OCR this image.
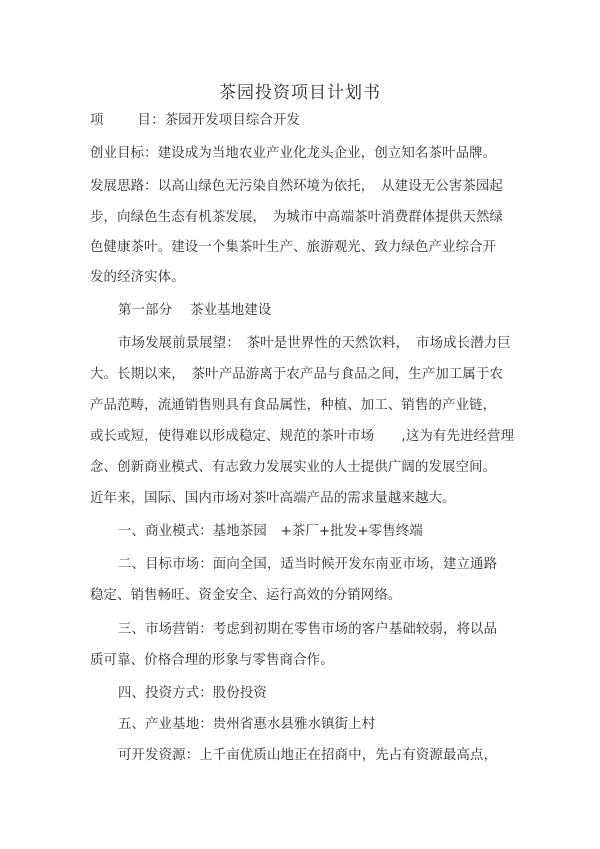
茶园投资项目计划书
项	目：茶园开发项目综合开发
创业目标：建设成为当地农业产业化龙头企业，创立知名茶叶品牌。
发展思路：以高山绿色无污染自然环境为依托，　从建设无公害茶园起
步，向绿色生态有机茶发展，　为城市中高端茶叶消费群体提供天然绿
色健康茶叶。建设一个集茶叶生产、旅游观光、致力绿色产业综合开
发的经济实体。
第一部分 茶业基地建设
市场发展前景展望：　茶叶是世界性的天然饮料，　市场成长潜力巨
大。长期以来，　茶叶产品游离于农产品与食品之间，生产加工属于农
产品范畴，流通销售则具有食品属性，种植、加工、销售的产业链，
或长或短，使得难以形成稳定、规范的茶叶市场　　,这为有先进经营理
念、创新商业模式、有志致力发展实业的人士提供广阔的发展空间。
近年来，国际、国内市场对茶叶高端产品的需求量越来越大。
一、商业模式：基地茶园　+茶厂+批发+零售终端
二、目标市场：面向全国，适当时候开发东南亚市场，建立通路
稳定、销售畅旺、资金安全、运行高效的分销网络。
三、市场营销：考虑到初期在零售市场的客户基础较弱，将以品
质可靠、价格合理的形象与零售商合作。
四、投资方式：股份投资
五、产业基地：贵州省惠水县雅水镇街上村
可开发资源：上千亩优质山地正在招商中，先占有资源最高点，
